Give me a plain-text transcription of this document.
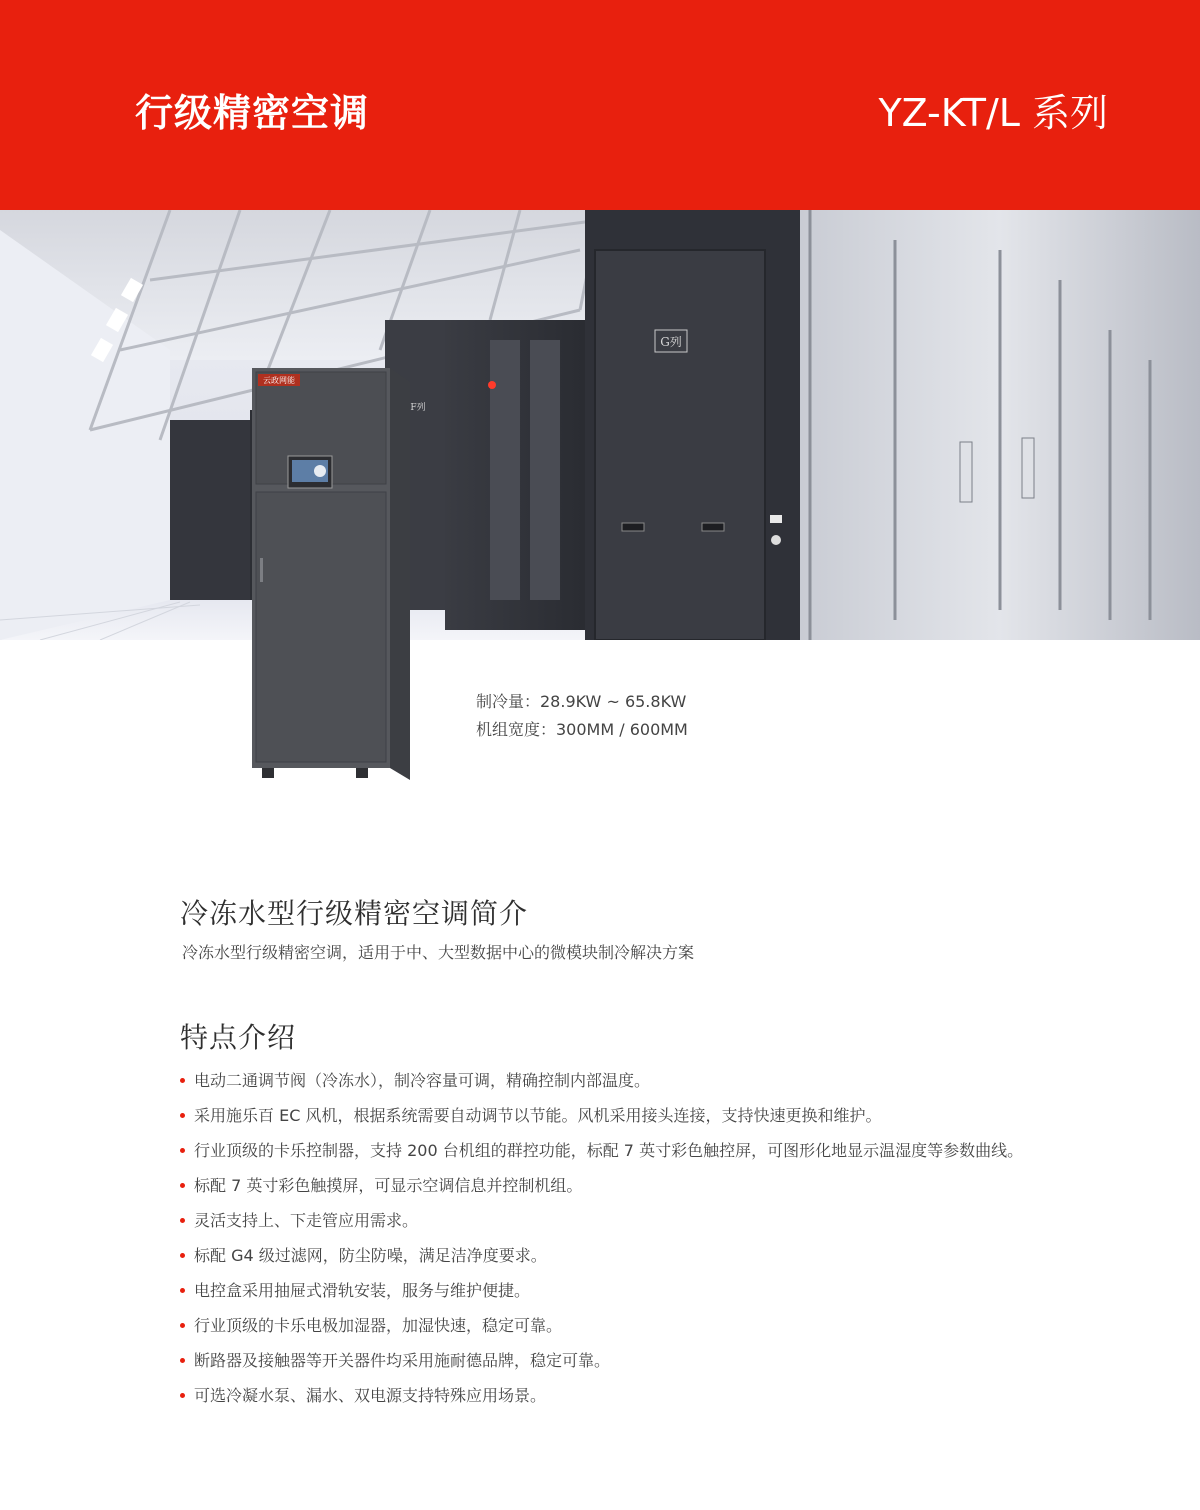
行级精密空调	YZ-KT/L 系列
G列
F列
云政网能
制冷量：28.9KW ~ 65.8KW
机组宽度：300MM / 600MM
冷冻水型行级精密空调简介
冷冻水型行级精密空调，适用于中、大型数据中心的微模块制冷解决方案
特点介绍
电动二通调节阀（冷冻水），制冷容量可调，精确控制内部温度。
采用施乐百 EC 风机，根据系统需要自动调节以节能。风机采用接头连接，支持快速更换和维护。
行业顶级的卡乐控制器，支持 200 台机组的群控功能，标配 7 英寸彩色触控屏，可图形化地显示温湿度等参数曲线。
标配 7 英寸彩色触摸屏，可显示空调信息并控制机组。
灵活支持上、下走管应用需求。
标配 G4 级过滤网，防尘防噪，满足洁净度要求。
电控盒采用抽屉式滑轨安装，服务与维护便捷。
行业顶级的卡乐电极加湿器，加湿快速，稳定可靠。
断路器及接触器等开关器件均采用施耐德品牌，稳定可靠。
可选冷凝水泵、漏水、双电源支持特殊应用场景。
